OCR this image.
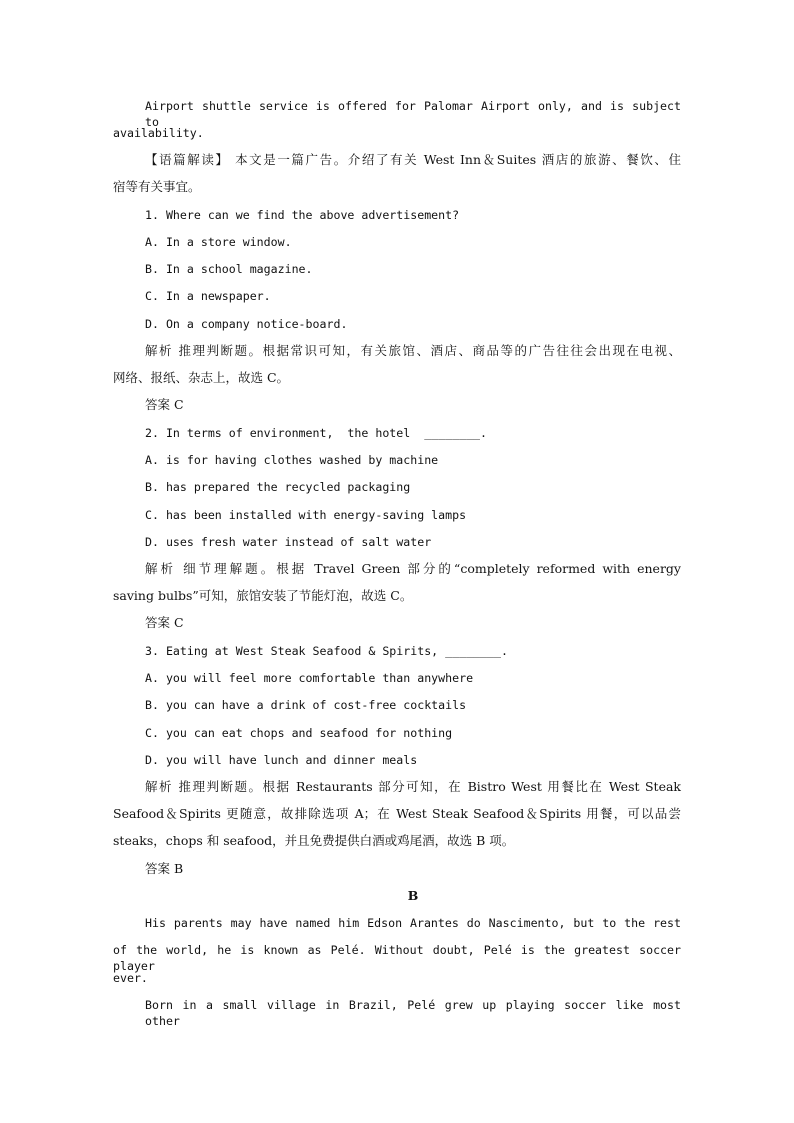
Airport shuttle service is offered for Palomar Airport only, and is subject to
availability.
【语篇解读】 本文是一篇广告。介绍了有关 West Inn＆Suites 酒店的旅游、餐饮、住
宿等有关事宜。
1. Where can we find the above advertisement?
A. In a store window.
B. In a school magazine.
C. In a newspaper.
D. On a company notice-board.
解析 推理判断题。根据常识可知，有关旅馆、酒店、商品等的广告往往会出现在电视、
网络、报纸、杂志上，故选 C。
答案 C
2. In terms of environment,  the hotel  ________.
A. is for having clothes washed by machine
B. has prepared the recycled packaging
C. has been installed with energy-saving lamps
D. uses fresh water instead of salt water
解析 细节理解题。根据 Travel Green 部分的“completely reformed with energy
saving bulbs”可知，旅馆安装了节能灯泡，故选 C。
答案 C
3. Eating at West Steak Seafood & Spirits, ________.
A. you will feel more comfortable than anywhere
B. you can have a drink of cost-free cocktails
C. you can eat chops and seafood for nothing
D. you will have lunch and dinner meals
解析 推理判断题。根据 Restaurants 部分可知，在 Bistro West 用餐比在 West Steak
Seafood＆Spirits 更随意，故排除选项 A；在 West Steak Seafood＆Spirits 用餐，可以品尝
steaks，chops 和 seafood，并且免费提供白酒或鸡尾酒，故选 B 项。
答案 B
B
His parents may have named him Edson Arantes do Nascimento, but to the rest
of the world, he is known as Pelé. Without doubt, Pelé is the greatest soccer player
ever.
Born in a small village in Brazil, Pelé grew up playing soccer like most other
